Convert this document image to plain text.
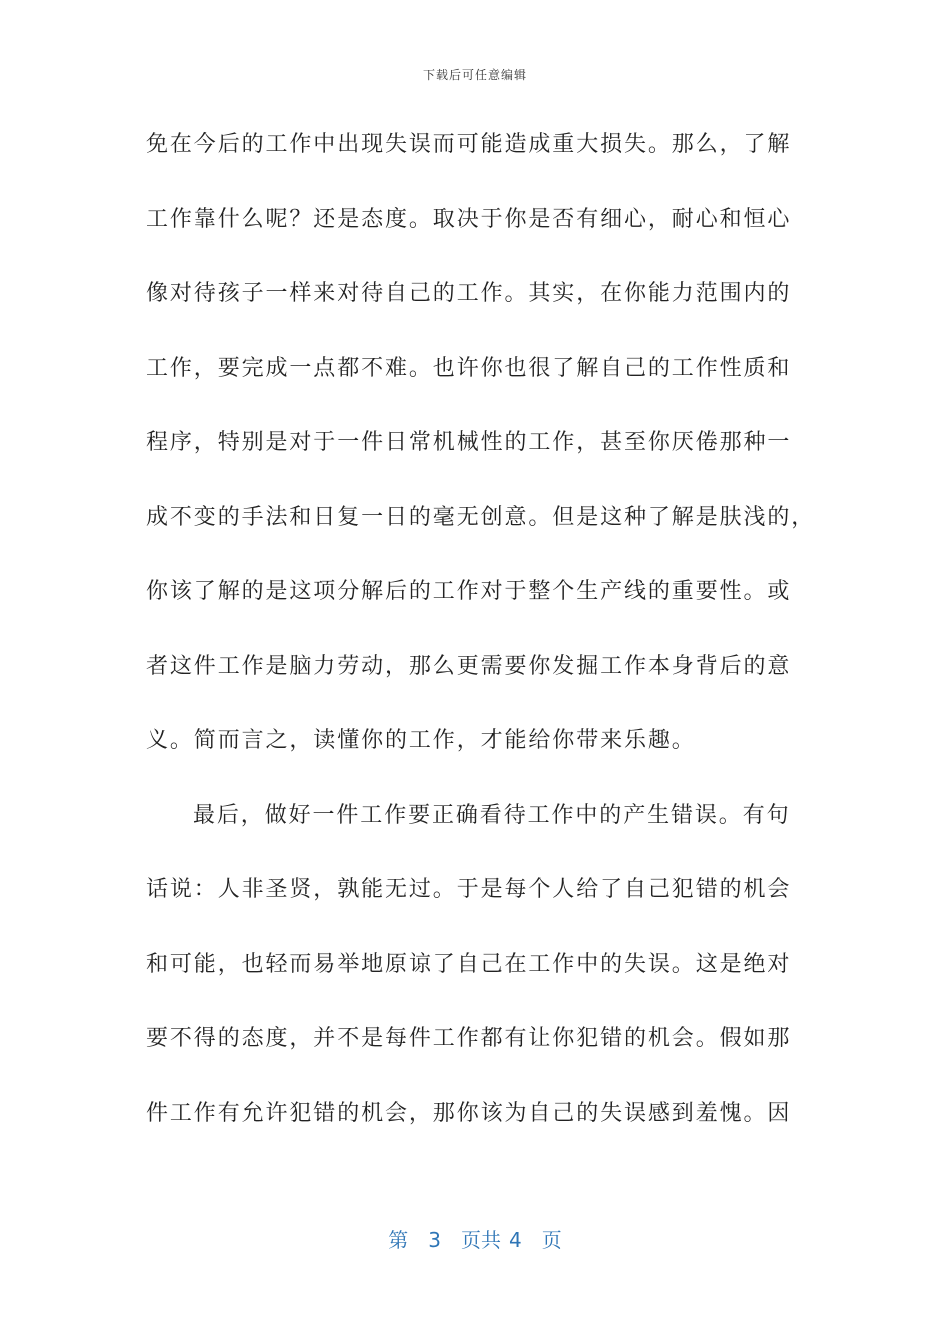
下载后可任意编辑
免在今后的工作中出现失误而可能造成重大损失。那么，了解
工作靠什么呢？还是态度。取决于你是否有细心，耐心和恒心
像对待孩子一样来对待自己的工作。其实，在你能力范围内的
工作，要完成一点都不难。也许你也很了解自己的工作性质和
程序，特别是对于一件日常机械性的工作，甚至你厌倦那种一
成不变的手法和日复一日的毫无创意。但是这种了解是肤浅的，
你该了解的是这项分解后的工作对于整个生产线的重要性。或
者这件工作是脑力劳动，那么更需要你发掘工作本身背后的意
义。简而言之，读懂你的工作，才能给你带来乐趣。
最后，做好一件工作要正确看待工作中的产生错误。有句
话说：人非圣贤，孰能无过。于是每个人给了自己犯错的机会
和可能，也轻而易举地原谅了自己在工作中的失误。这是绝对
要不得的态度，并不是每件工作都有让你犯错的机会。假如那
件工作有允许犯错的机会，那你该为自己的失误感到羞愧。因
第 3 页共 4 页
